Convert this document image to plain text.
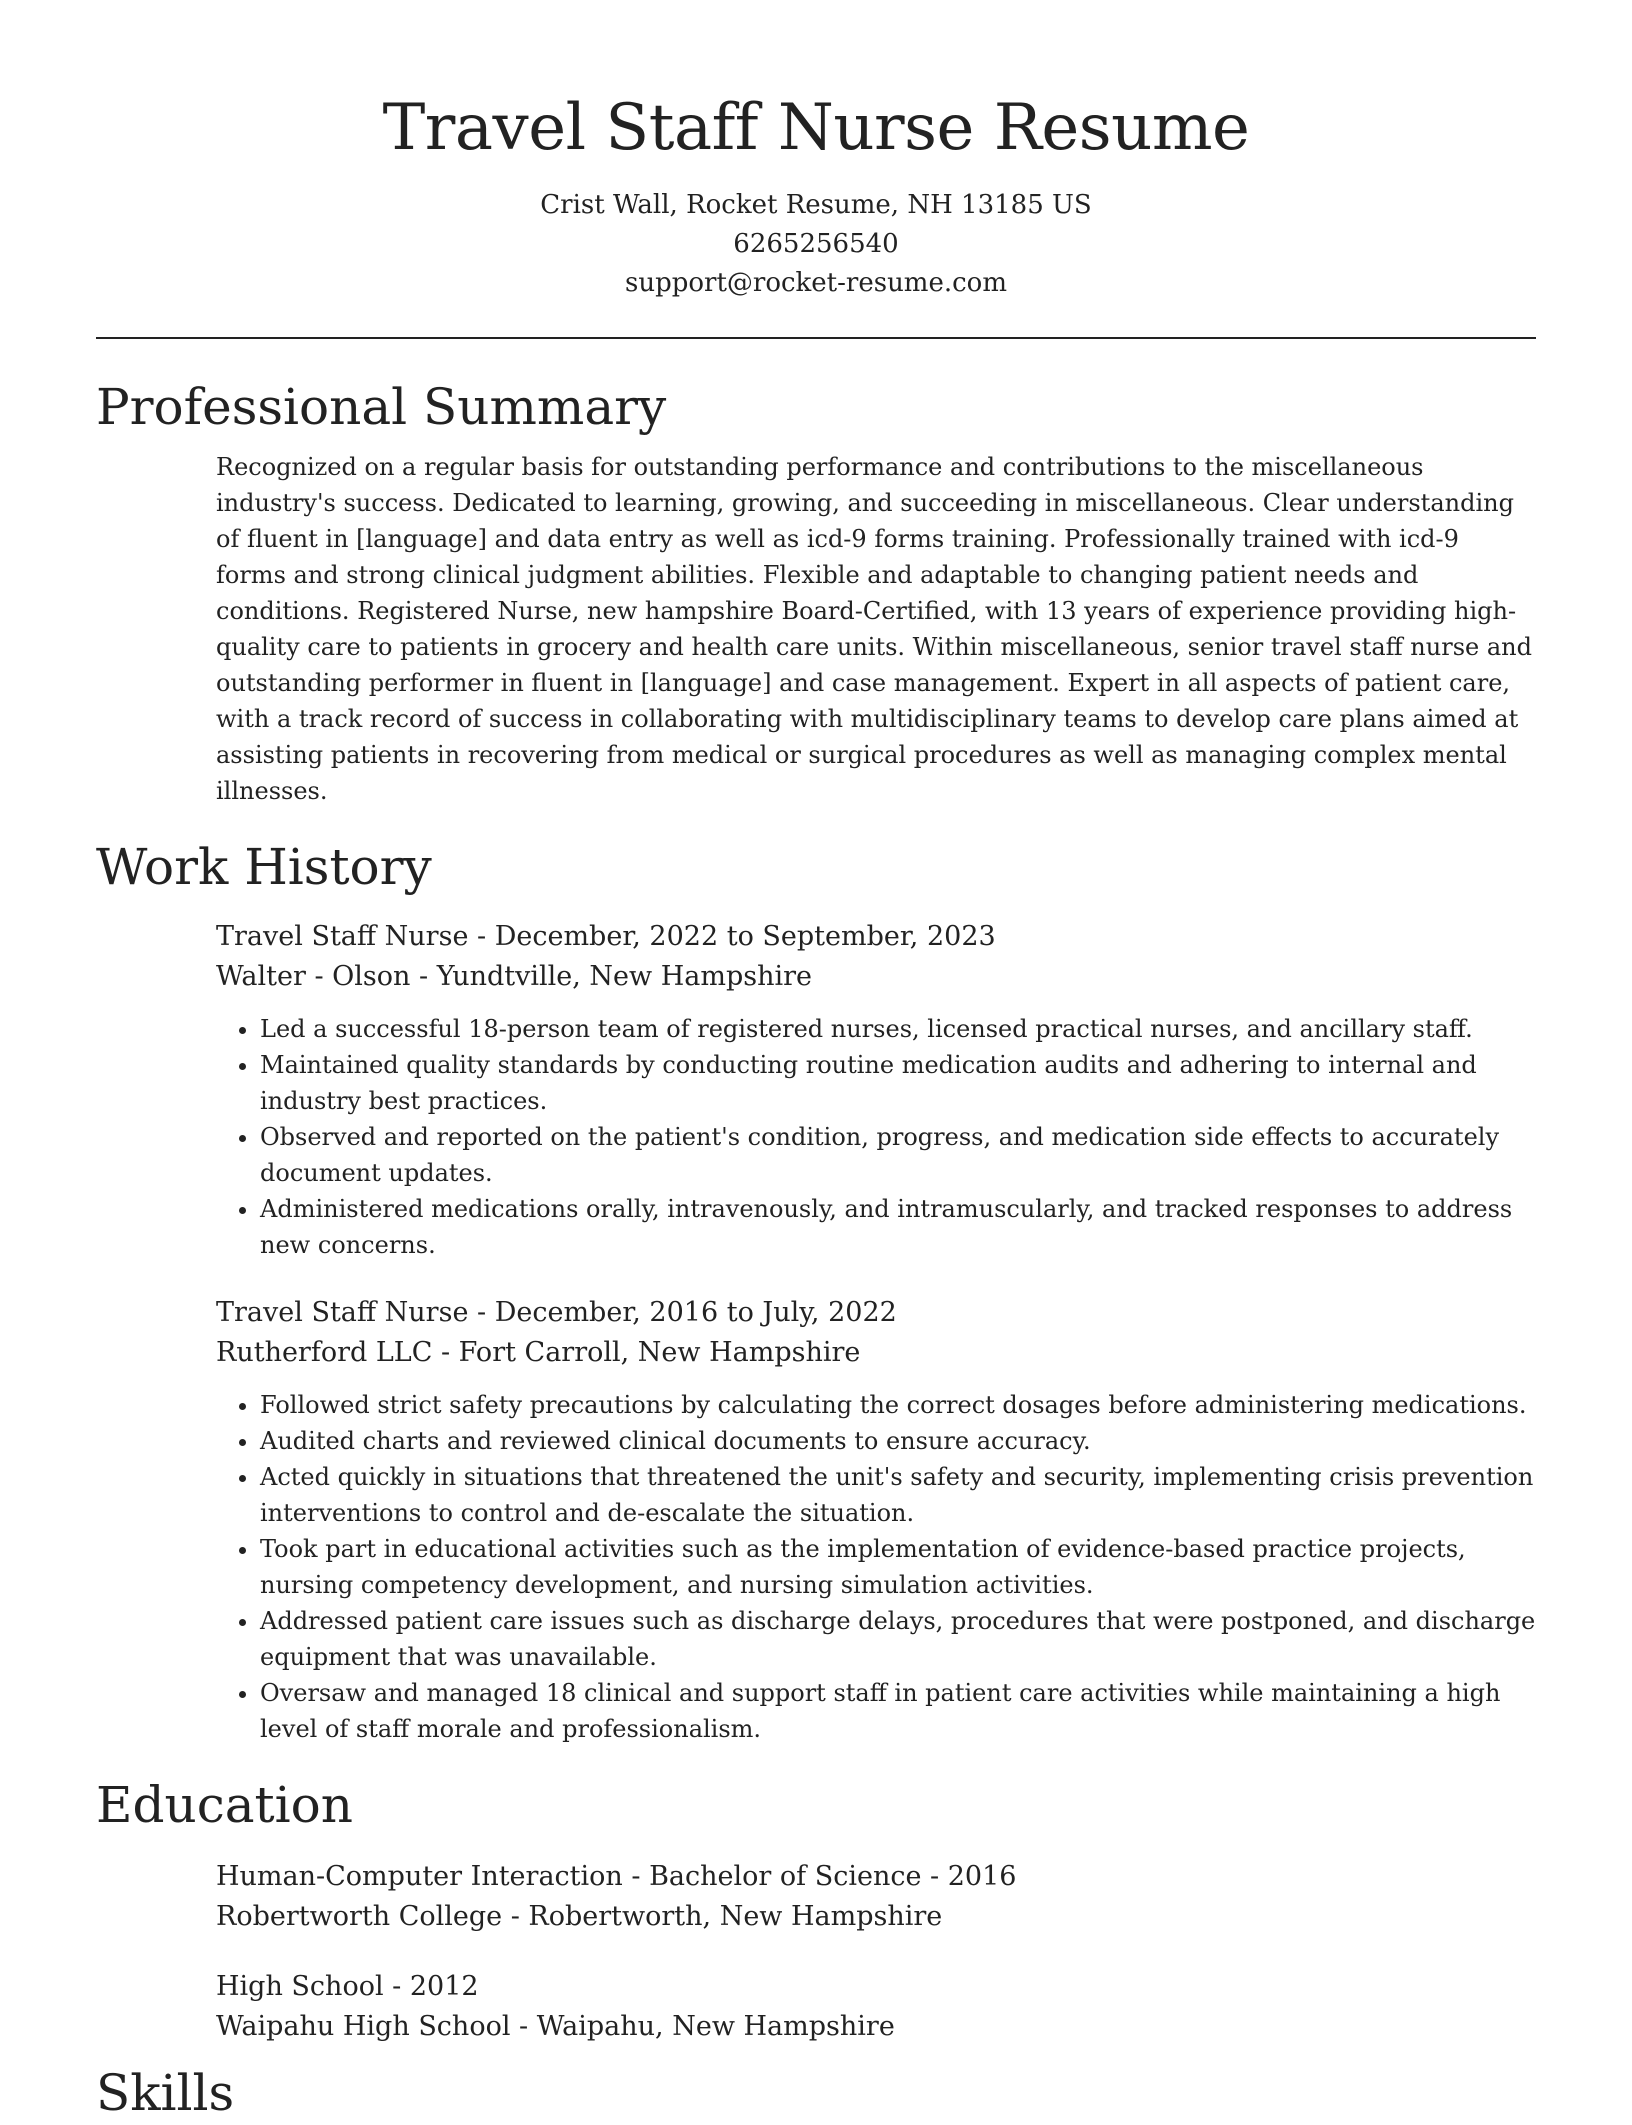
Travel Staff Nurse Resume
Crist Wall, Rocket Resume, NH 13185 US
6265256540
support@rocket-resume.com
Professional Summary

Recognized on a regular basis for outstanding performance and contributions to the miscellaneous industry's success. Dedicated to learning, growing, and succeeding in miscellaneous. Clear understanding of fluent in [language] and data entry as well as icd-9 forms training. Professionally trained with icd-9 forms and strong clinical judgment abilities. Flexible and adaptable to changing patient needs and conditions. Registered Nurse, new hampshire Board-Certified, with 13 years of experience providing high-quality care to patients in grocery and health care units. Within miscellaneous, senior travel staff nurse and outstanding performer in fluent in [language] and case management. Expert in all aspects of patient care, with a track record of success in collaborating with multidisciplinary teams to develop care plans aimed at assisting patients in recovering from medical or surgical procedures as well as managing complex mental illnesses.

Work History
Travel Staff Nurse - December, 2022 to September, 2023
Walter - Olson - Yundtville, New Hampshire
• Led a successful 18-person team of registered nurses, licensed practical nurses, and ancillary staff.
• Maintained quality standards by conducting routine medication audits and adhering to internal and industry best practices.
• Observed and reported on the patient's condition, progress, and medication side effects to accurately document updates.
• Administered medications orally, intravenously, and intramuscularly, and tracked responses to address new concerns.
Travel Staff Nurse - December, 2016 to July, 2022
Rutherford LLC - Fort Carroll, New Hampshire
• Followed strict safety precautions by calculating the correct dosages before administering medications.
• Audited charts and reviewed clinical documents to ensure accuracy.
• Acted quickly in situations that threatened the unit's safety and security, implementing crisis prevention interventions to control and de-escalate the situation.
• Took part in educational activities such as the implementation of evidence-based practice projects, nursing competency development, and nursing simulation activities.
• Addressed patient care issues such as discharge delays, procedures that were postponed, and discharge equipment that was unavailable.
• Oversaw and managed 18 clinical and support staff in patient care activities while maintaining a high level of staff morale and professionalism.
Education
Human-Computer Interaction - Bachelor of Science - 2016
Robertworth College - Robertworth, New Hampshire
High School - 2012
Waipahu High School - Waipahu, New Hampshire
Skills
